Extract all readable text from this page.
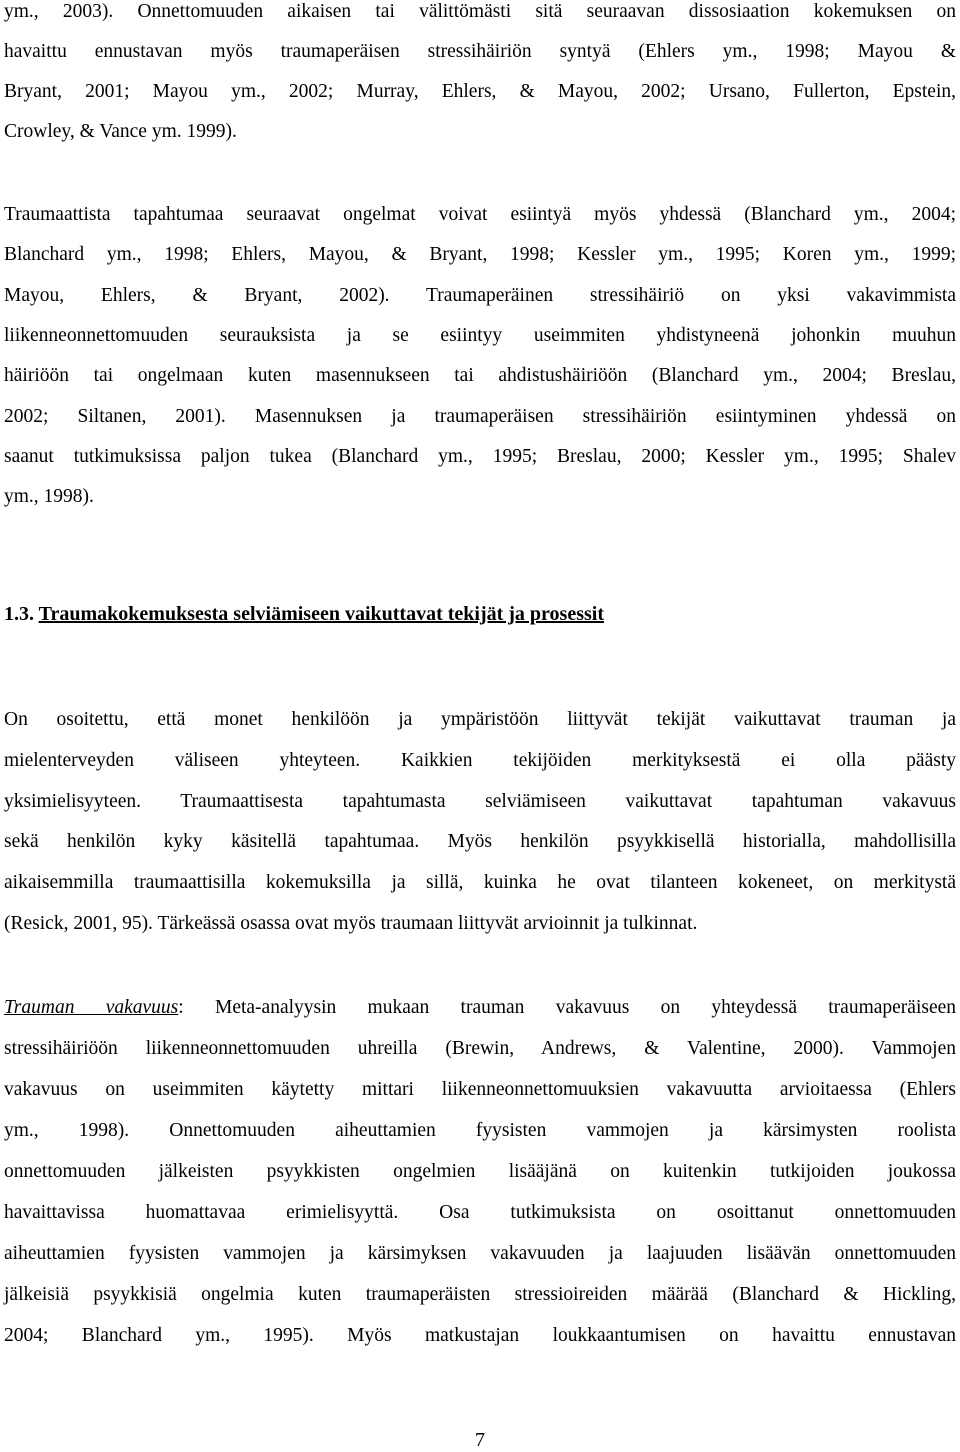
ym., 2003). Onnettomuuden aikaisen tai välittömästi sitä seuraavan dissosiaation kokemuksen on
havaittu ennustavan myös traumaperäisen stressihäiriön syntyä (Ehlers ym., 1998; Mayou &
Bryant, 2001; Mayou ym., 2002; Murray, Ehlers, & Mayou, 2002; Ursano, Fullerton, Epstein,
Crowley, & Vance ym. 1999).
Traumaattista tapahtumaa seuraavat ongelmat voivat esiintyä myös yhdessä (Blanchard ym., 2004;
Blanchard ym., 1998; Ehlers, Mayou, & Bryant, 1998; Kessler ym., 1995; Koren ym., 1999;
Mayou, Ehlers, & Bryant, 2002). Traumaperäinen stressihäiriö on yksi vakavimmista
liikenneonnettomuuden seurauksista ja se esiintyy useimmiten yhdistyneenä johonkin muuhun
häiriöön tai ongelmaan kuten masennukseen tai ahdistushäiriöön (Blanchard ym., 2004; Breslau,
2002; Siltanen, 2001). Masennuksen ja traumaperäisen stressihäiriön esiintyminen yhdessä on
saanut tutkimuksissa paljon tukea (Blanchard ym., 1995; Breslau, 2000; Kessler ym., 1995; Shalev
ym., 1998).
1.3. Traumakokemuksesta selviämiseen vaikuttavat tekijät ja prosessit
On osoitettu, että monet henkilöön ja ympäristöön liittyvät tekijät vaikuttavat trauman ja
mielenterveyden väliseen yhteyteen. Kaikkien tekijöiden merkityksestä ei olla päästy
yksimielisyyteen. Traumaattisesta tapahtumasta selviämiseen vaikuttavat tapahtuman vakavuus
sekä henkilön kyky käsitellä tapahtumaa. Myös henkilön psyykkisellä historialla, mahdollisilla
aikaisemmilla traumaattisilla kokemuksilla ja sillä, kuinka he ovat tilanteen kokeneet, on merkitystä
(Resick, 2001, 95). Tärkeässä osassa ovat myös traumaan liittyvät arvioinnit ja tulkinnat.
Trauman vakavuus: Meta-analyysin mukaan trauman vakavuus on yhteydessä traumaperäiseen
stressihäiriöön liikenneonnettomuuden uhreilla (Brewin, Andrews, & Valentine, 2000). Vammojen
vakavuus on useimmiten käytetty mittari liikenneonnettomuuksien vakavuutta arvioitaessa (Ehlers
ym., 1998). Onnettomuuden aiheuttamien fyysisten vammojen ja kärsimysten roolista
onnettomuuden jälkeisten psyykkisten ongelmien lisääjänä on kuitenkin tutkijoiden joukossa
havaittavissa huomattavaa erimielisyyttä. Osa tutkimuksista on osoittanut onnettomuuden
aiheuttamien fyysisten vammojen ja kärsimyksen vakavuuden ja laajuuden lisäävän onnettomuuden
jälkeisiä psyykkisiä ongelmia kuten traumaperäisten stressioireiden määrää (Blanchard & Hickling,
2004; Blanchard ym., 1995). Myös matkustajan loukkaantumisen on havaittu ennustavan
7
